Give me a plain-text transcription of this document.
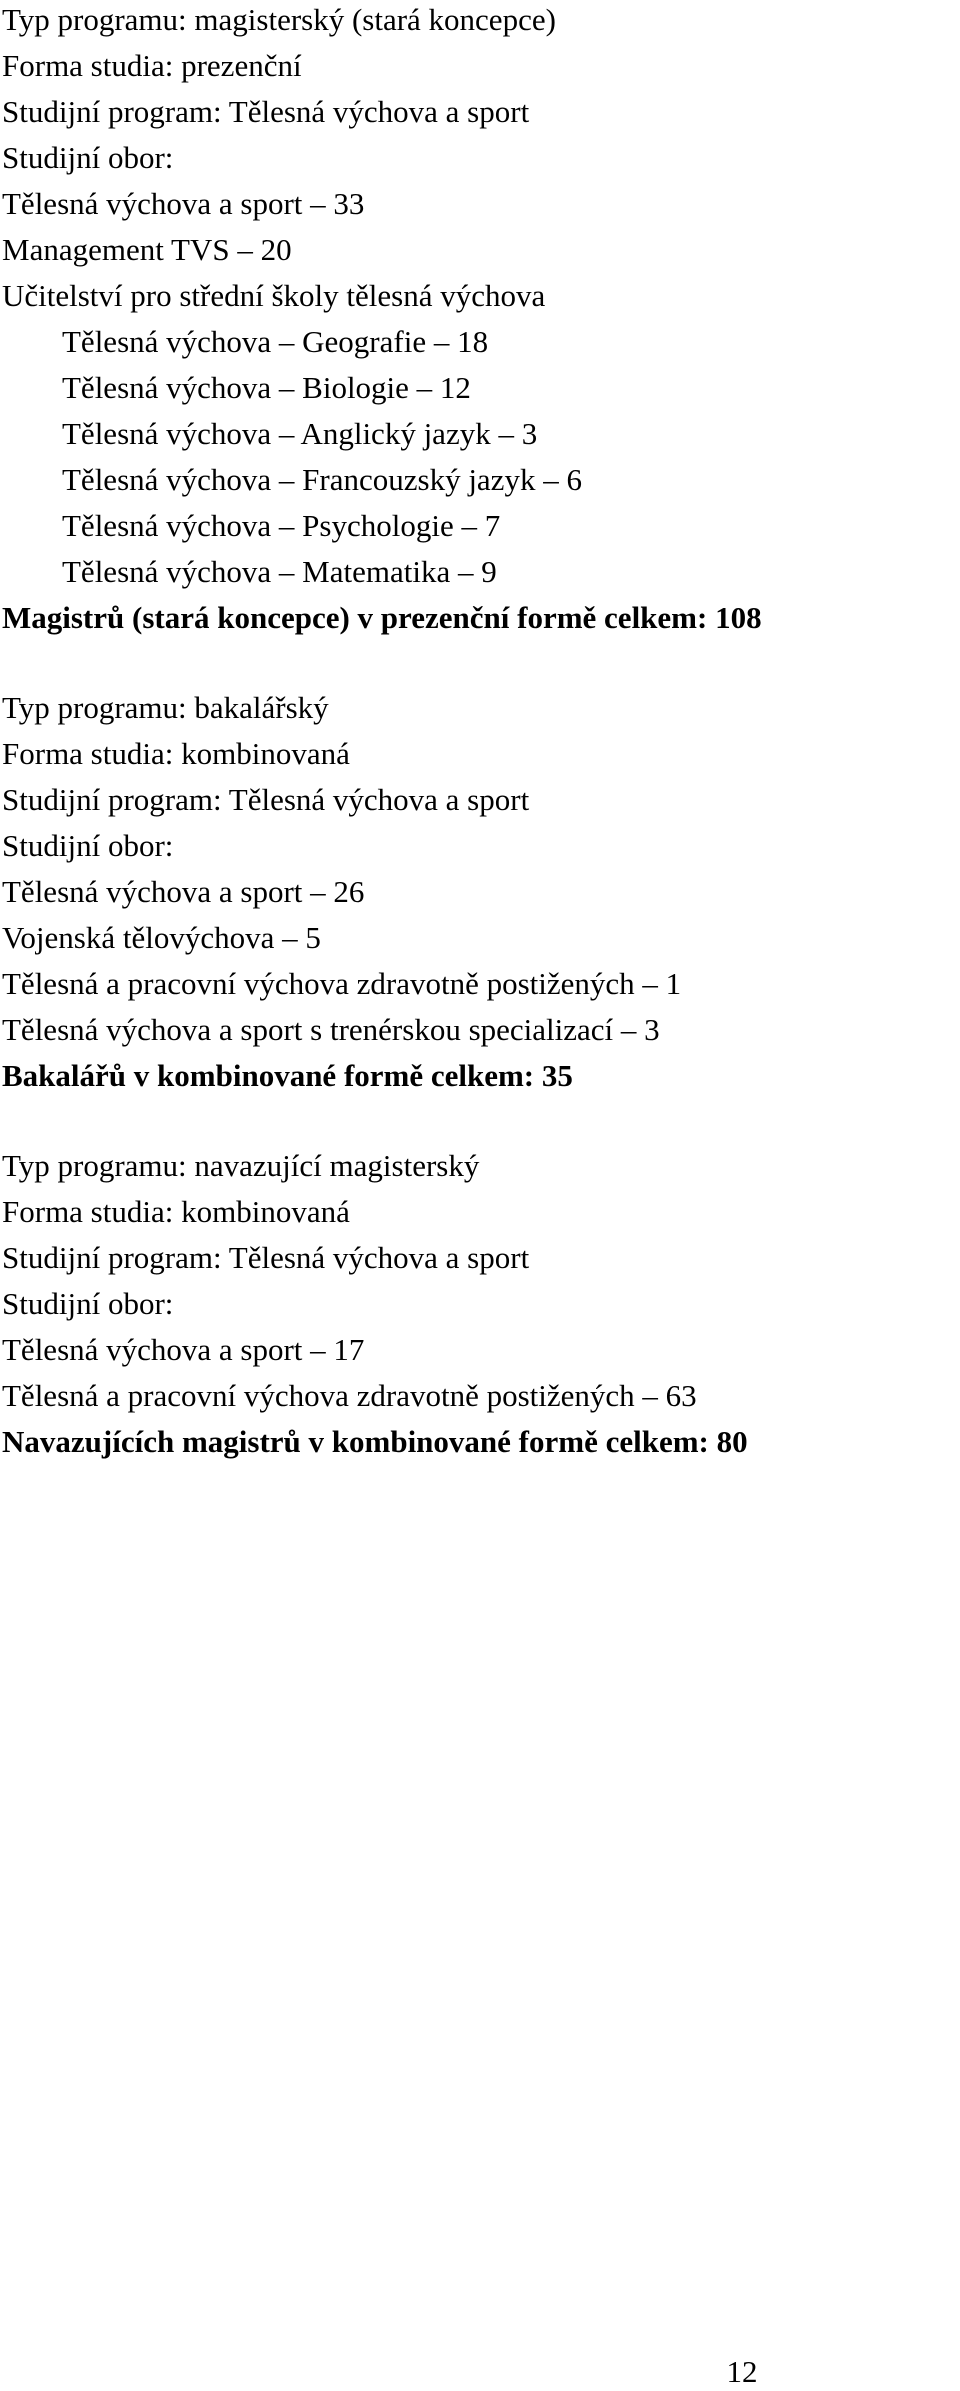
Typ programu: magisterský (stará koncepce)
Forma studia: prezenční
Studijní program: Tělesná výchova a sport
Studijní obor:
Tělesná výchova a sport – 33
Management TVS – 20
Učitelství pro střední školy tělesná výchova
Tělesná výchova – Geografie – 18
Tělesná výchova – Biologie – 12
Tělesná výchova – Anglický jazyk – 3
Tělesná výchova – Francouzský jazyk – 6
Tělesná výchova – Psychologie – 7
Tělesná výchova – Matematika – 9
Magistrů (stará koncepce) v prezenční formě celkem: 108
Typ programu: bakalářský
Forma studia: kombinovaná
Studijní program: Tělesná výchova a sport
Studijní obor:
Tělesná výchova a sport – 26
Vojenská tělovýchova – 5
Tělesná a pracovní výchova zdravotně postižených – 1
Tělesná výchova a sport s trenérskou specializací – 3
Bakalářů v kombinované formě celkem: 35
Typ programu: navazující magisterský
Forma studia: kombinovaná
Studijní program: Tělesná výchova a sport
Studijní obor:
Tělesná výchova a sport – 17
Tělesná a pracovní výchova zdravotně postižených – 63
Navazujících magistrů v kombinované formě celkem: 80
12
